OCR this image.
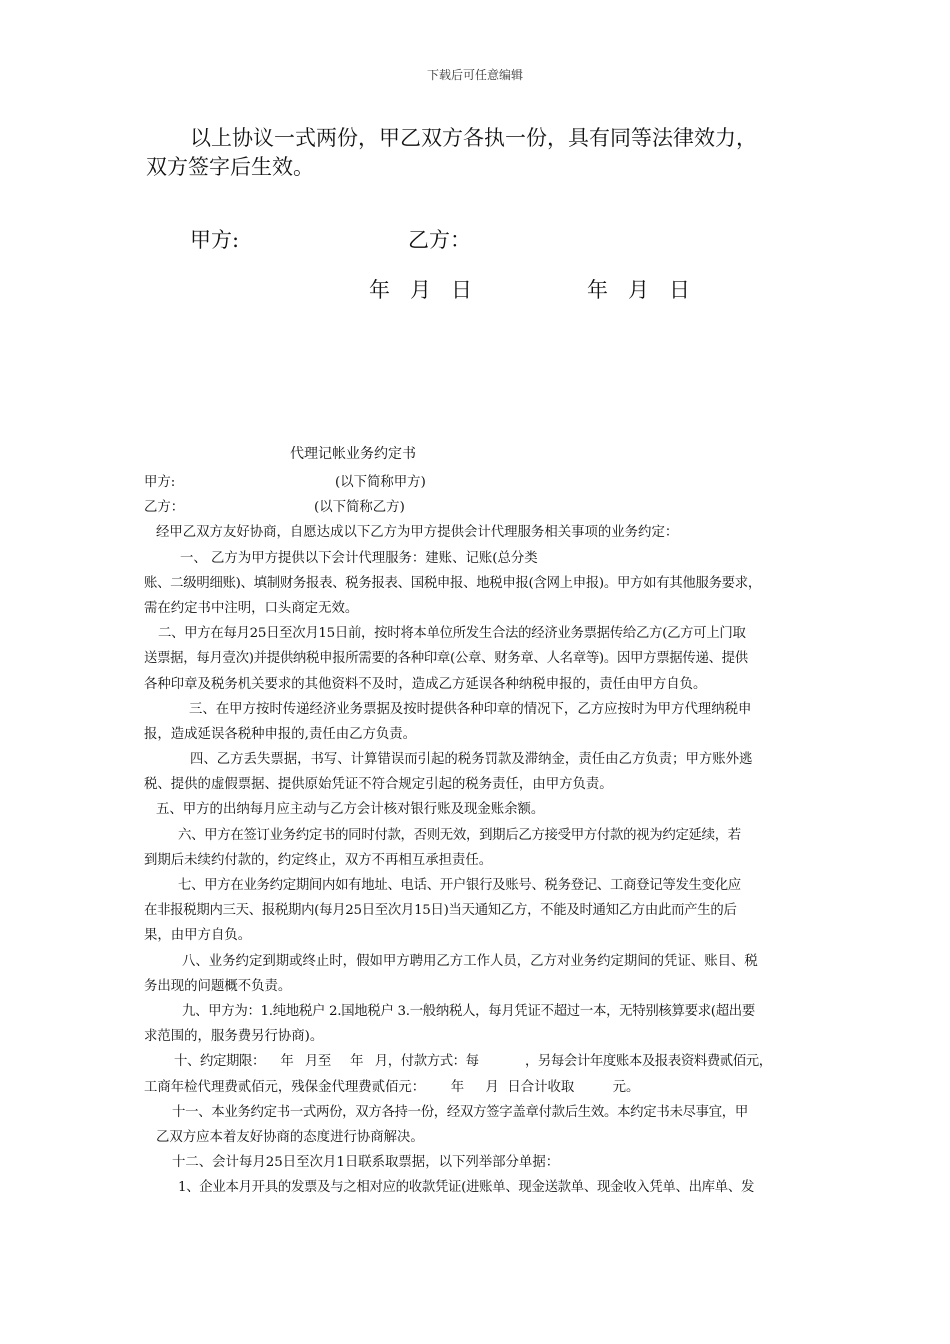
下载后可任意编辑
以上协议一式两份，甲乙双方各执一份，具有同等法律效力，
双方签字后生效。
甲方:	乙方：
年   月   日	年   月   日
代理记帐业务约定书
甲方:	(以下简称甲方)
乙方：	(以下简称乙方)
经甲乙双方友好协商，自愿达成以下乙方为甲方提供会计代理服务相关事项的业务约定：
一、 乙方为甲方提供以下会计代理服务：建账、记账(总分类
账、二级明细账)、填制财务报表、税务报表、国税申报、地税申报(含网上申报)。甲方如有其他服务要求，
需在约定书中注明，口头商定无效。
二、甲方在每月25日至次月15日前，按时将本单位所发生合法的经济业务票据传给乙方(乙方可上门取
送票据，每月壹次)并提供纳税申报所需要的各种印章(公章、财务章、人名章等)。因甲方票据传递、提供
各种印章及税务机关要求的其他资料不及时，造成乙方延误各种纳税申报的，责任由甲方自负。
三、在甲方按时传递经济业务票据及按时提供各种印章的情况下，乙方应按时为甲方代理纳税申
报，造成延误各税种申报的,责任由乙方负责。
四、乙方丢失票据，书写、计算错误而引起的税务罚款及滞纳金，责任由乙方负责；甲方账外逃
税、提供的虚假票据、提供原始凭证不符合规定引起的税务责任，由甲方负责。
五、甲方的出纳每月应主动与乙方会计核对银行账及现金账余额。
六、甲方在签订业务约定书的同时付款，否则无效，到期后乙方接受甲方付款的视为约定延续，若
到期后未续约付款的，约定终止，双方不再相互承担责任。
七、甲方在业务约定期间内如有地址、电话、开户银行及账号、税务登记、工商登记等发生变化应
在非报税期内三天、报税期内(每月25日至次月15日)当天通知乙方，不能及时通知乙方由此而产生的后
果，由甲方自负。
八、业务约定到期或终止时，假如甲方聘用乙方工作人员，乙方对业务约定期间的凭证、账目、税
务出现的问题概不负责。
九、甲方为：1.纯地税户 2.国地税户 3.一般纳税人，每月凭证不超过一本，无特别核算要求(超出要
求范围的，服务费另行协商)。
十、约定期限：    年   月至     年   月，付款方式：每            ，另每会计年度账本及报表资料费贰佰元，
工商年检代理费贰佰元，残保金代理费贰佰元：      年     月  日合计收取         元。
十一、本业务约定书一式两份，双方各持一份，经双方签字盖章付款后生效。本约定书未尽事宜，甲
乙双方应本着友好协商的态度进行协商解决。
十二、会计每月25日至次月1日联系取票据，以下列举部分单据：
1、企业本月开具的发票及与之相对应的收款凭证(进账单、现金送款单、现金收入凭单、出库单、发
